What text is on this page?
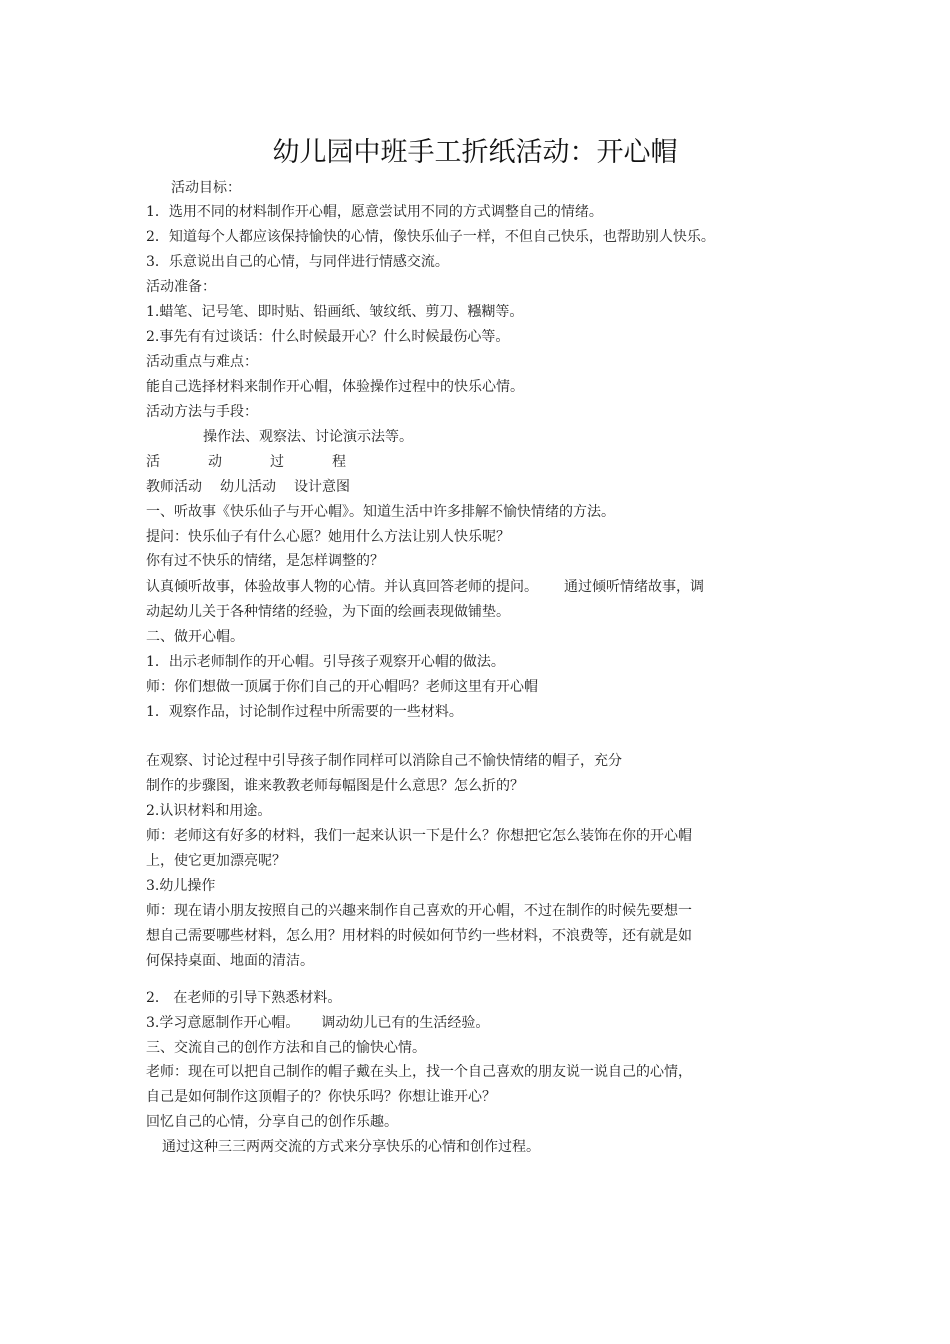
幼儿园中班手工折纸活动：开心帽
活动目标：
1．选用不同的材料制作开心帽，愿意尝试用不同的方式调整自己的情绪。
2．知道每个人都应该保持愉快的心情，像快乐仙子一样，不但自己快乐，也帮助别人快乐。
3．乐意说出自己的心情，与同伴进行情感交流。
活动准备：
1.蜡笔、记号笔、即时贴、铅画纸、皱纹纸、剪刀、糨糊等。
2.事先有有过谈话：什么时候最开心？什么时候最伤心等。
活动重点与难点：
能自己选择材料来制作开心帽，体验操作过程中的快乐心情。
活动方法与手段：
操作法、观察法、讨论演示法等。
活	动	过	程
教师活动 幼儿活动 设计意图
一、听故事《快乐仙子与开心帽》。知道生活中许多排解不愉快情绪的方法。
提问：快乐仙子有什么心愿？她用什么方法让别人快乐呢？
你有过不快乐的情绪，是怎样调整的？
认真倾听故事，体验故事人物的心情。并认真回答老师的提问。 通过倾听情绪故事，调
动起幼儿关于各种情绪的经验，为下面的绘画表现做铺垫。
二、做开心帽。
1．出示老师制作的开心帽。引导孩子观察开心帽的做法。
师：你们想做一顶属于你们自己的开心帽吗？老师这里有开心帽
1．观察作品，讨论制作过程中所需要的一些材料。
在观察、讨论过程中引导孩子制作同样可以消除自己不愉快情绪的帽子，充分
制作的步骤图，谁来教教老师每幅图是什么意思？怎么折的？
2.认识材料和用途。
师：老师这有好多的材料，我们一起来认识一下是什么？你想把它怎么装饰在你的开心帽
上，使它更加漂亮呢？
3.幼儿操作
师：现在请小朋友按照自己的兴趣来制作自己喜欢的开心帽，不过在制作的时候先要想一
想自己需要哪些材料，怎么用？用材料的时候如何节约一些材料，不浪费等，还有就是如
何保持桌面、地面的清洁。
2． 在老师的引导下熟悉材料。
3.学习意愿制作开心帽。 调动幼儿已有的生活经验。
三、交流自己的创作方法和自己的愉快心情。
老师：现在可以把自己制作的帽子戴在头上，找一个自己喜欢的朋友说一说自己的心情，
自己是如何制作这顶帽子的？你快乐吗？你想让谁开心？
回忆自己的心情，分享自己的创作乐趣。
通过这种三三两两交流的方式来分享快乐的心情和创作过程。
